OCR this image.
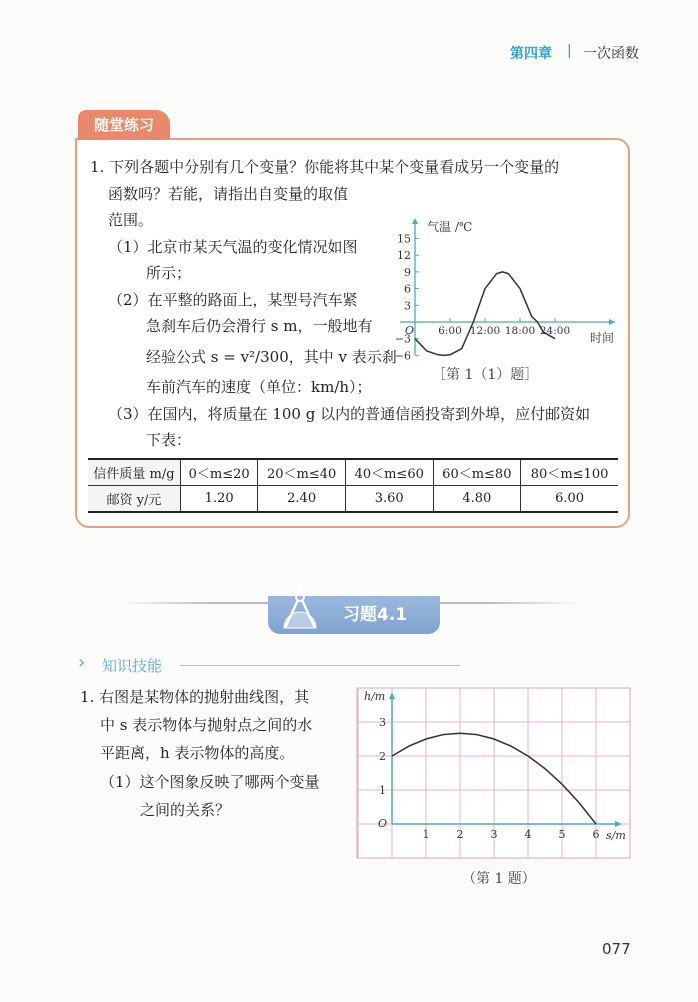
第四章 | 一次函数
随堂练习
1. 下列各题中分别有几个变量？你能将其中某个变量看成另一个变量的
函数吗？若能，请指出自变量的取值
范围。
（1）北京市某天气温的变化情况如图
所示；
（2）在平整的路面上，某型号汽车紧
急刹车后仍会滑行 s m，一般地有
经验公式 s = v²/300，其中 v 表示刹
车前汽车的速度（单位：km/h）；
（3）在国内，将质量在 100 g 以内的普通信函投寄到外埠，应付邮资如
下表：
−6
−3
3
6
9
12
15
6:00 12:00 18:00 24:00
O
气温 /℃
时间
［第 1（1）题］
信件质量 m/g	0＜m≤20	20＜m≤40	40＜m≤60	60＜m≤80	80＜m≤100
邮资 y/元	1.20	2.40	3.60	4.80	6.00
习题4.1
› 知识技能
1. 右图是某物体的抛射曲线图，其
中 s 表示物体与抛射点之间的水
平距离，h 表示物体的高度。
（1）这个图象反映了哪两个变量
之间的关系？
1 2 3 4 5 6
1
2
3
O
h/m
s/m
（第 1 题）
077
